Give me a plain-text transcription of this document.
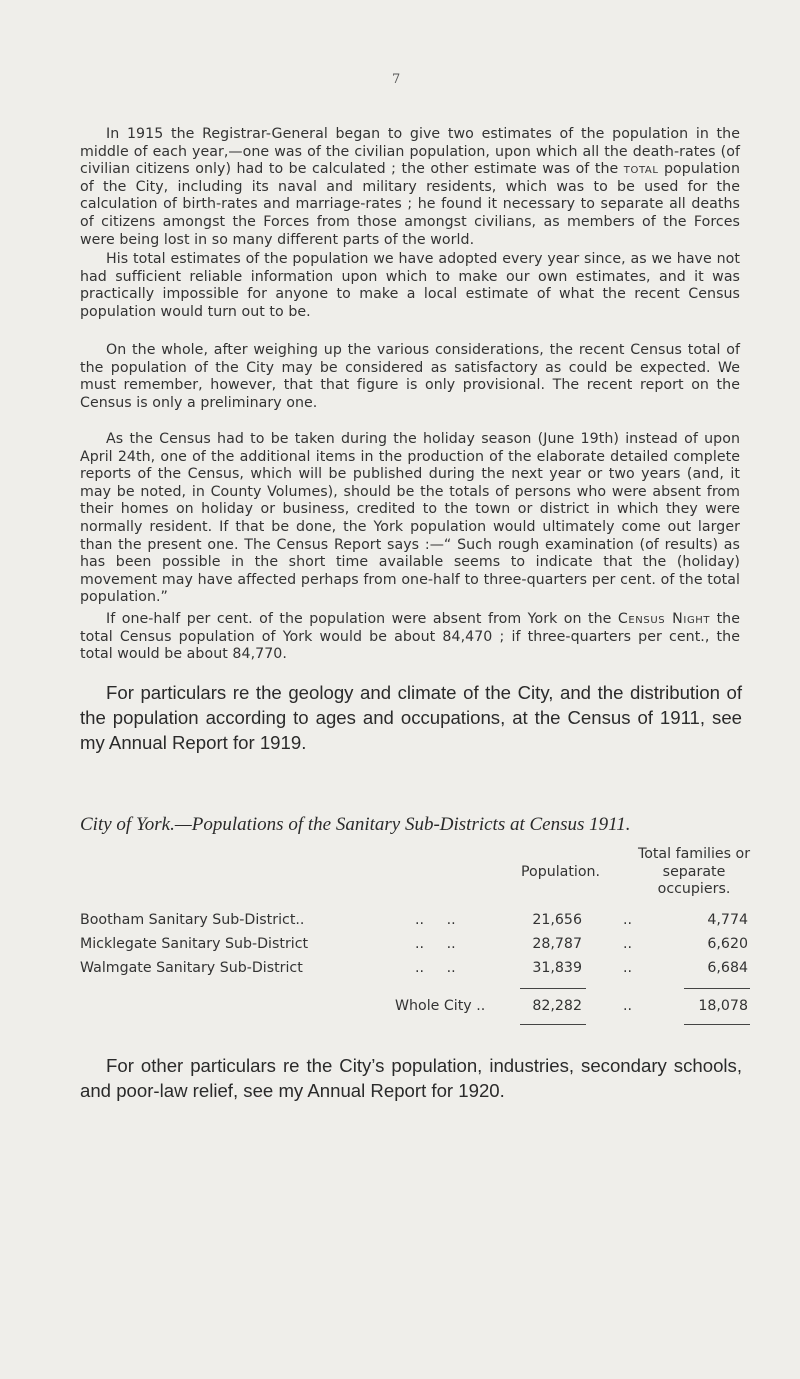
7

In 1915 the Registrar-General began to give two estimates of the population in the middle of each year,—one was of the civilian population, upon which all the death-rates (of civilian citizens only) had to be calculated ; the other estimate was of the total population of the City, including its naval and military residents, which was to be used for the calculation of birth-rates and marriage-rates ; he found it necessary to separate all deaths of citizens amongst the Forces from those amongst civilians, as members of the Forces were being lost in so many different parts of the world.

His total estimates of the population we have adopted every year since, as we have not had sufficient reliable information upon which to make our own estimates, and it was practically impossible for anyone to make a local estimate of what the recent Census population would turn out to be.

On the whole, after weighing up the various considerations, the recent Census total of the population of the City may be considered as satisfactory as could be expected. We must remember, however, that that figure is only provisional. The recent report on the Census is only a preliminary one.

As the Census had to be taken during the holiday season (June 19th) instead of upon April 24th, one of the additional items in the production of the elaborate detailed complete reports of the Census, which will be published during the next year or two years (and, it may be noted, in County Volumes), should be the totals of persons who were absent from their homes on holiday or business, credited to the town or district in which they were normally resident. If that be done, the York population would ultimately come out larger than the present one. The Census Report says :—“ Such rough examination (of results) as has been possible in the short time available seems to indicate that the (holiday) movement may have affected perhaps from one-half to three-quarters per cent. of the total population.”

If one-half per cent. of the population were absent from York on the Census Night the total Census population of York would be about 84,470 ; if three-quarters per cent., the total would be about 84,770.

For particulars re the geology and climate of the City, and the distribution of the population according to ages and occupations, at the Census of 1911, see my Annual Report for 1919.

City of York.—Populations of the Sanitary Sub-Districts at Census 1911.

Population.
Total families or separate occupiers.
Bootham Sanitary Sub-District..	..     ..	21,656	..	4,774
Micklegate Sanitary Sub-District	..     ..	28,787	..	6,620
Walmgate Sanitary Sub-District	..     ..	31,839	..	6,684
Whole City ..	82,282	..	18,078

For other particulars re the City’s population, industries, secondary schools, and poor-law relief, see my Annual Report for 1920.
